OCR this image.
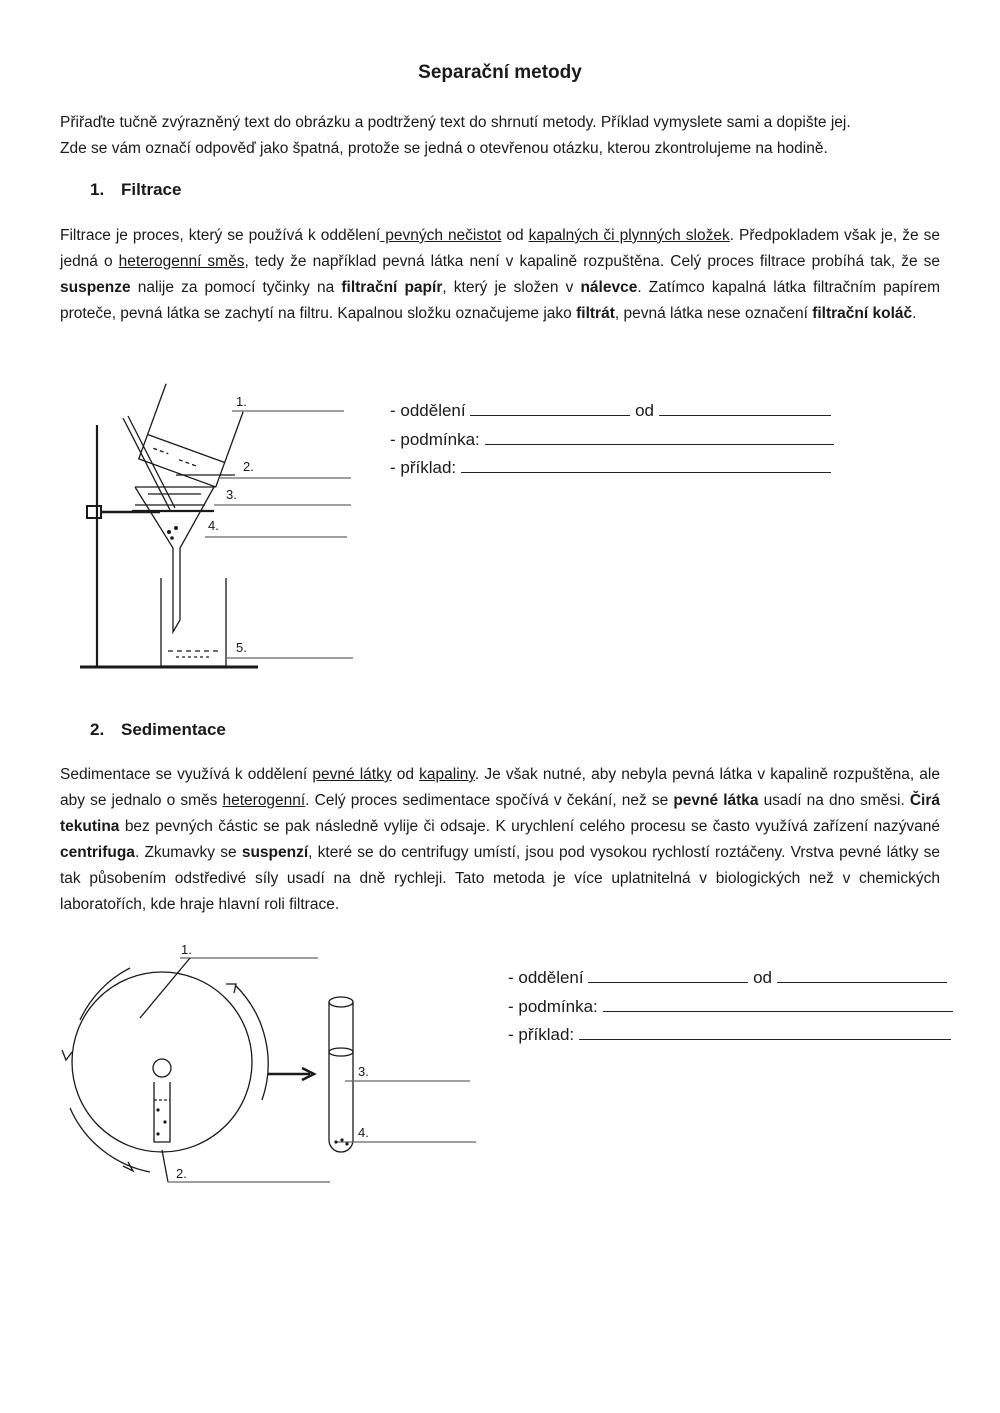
Separační metody

Přiřaďte tučně zvýrazněný text do obrázku a podtržený text do shrnutí metody. Příklad vymyslete sami a dopište jej.
Zde se vám označí odpověď jako špatná, protože se jedná o otevřenou otázku, kterou zkontrolujeme na hodině.

1. Filtrace

Filtrace je proces, který se používá k oddělení pevných nečistot od kapalných či plynných složek. Předpokladem však je, že se jedná o heterogenní směs, tedy že například pevná látka není v kapalině rozpuštěna. Celý proces filtrace probíhá tak, že se suspenze nalije za pomocí tyčinky na filtrační papír, který je složen v nálevce. Zatímco kapalná látka filtračním papírem proteče, pevná látka se zachytí na filtru. Kapalnou složku označujeme jako filtrát, pevná látka nese označení filtrační koláč.

- oddělení	od
- podmínka:
- příklad:
1.
2.
3.
4.
5.
2. Sedimentace

Sedimentace se využívá k oddělení pevné látky od kapaliny. Je však nutné, aby nebyla pevná látka v kapalině rozpuštěna, ale aby se jednalo o směs heterogenní. Celý proces sedimentace spočívá v čekání, než se pevné látka usadí na dno směsi. Čirá tekutina bez pevných částic se pak následně vylije či odsaje. K urychlení celého procesu se často využívá zařízení nazývané centrifuga. Zkumavky se suspenzí, které se do centrifugy umístí, jsou pod vysokou rychlostí roztáčeny. Vrstva pevné látky se tak působením odstředivé síly usadí na dně rychleji. Tato metoda je více uplatnitelná v biologických než v chemických laboratořích, kde hraje hlavní roli filtrace.

- oddělení	od
- podmínka:
- příklad:
1.
2.
3.
4.
